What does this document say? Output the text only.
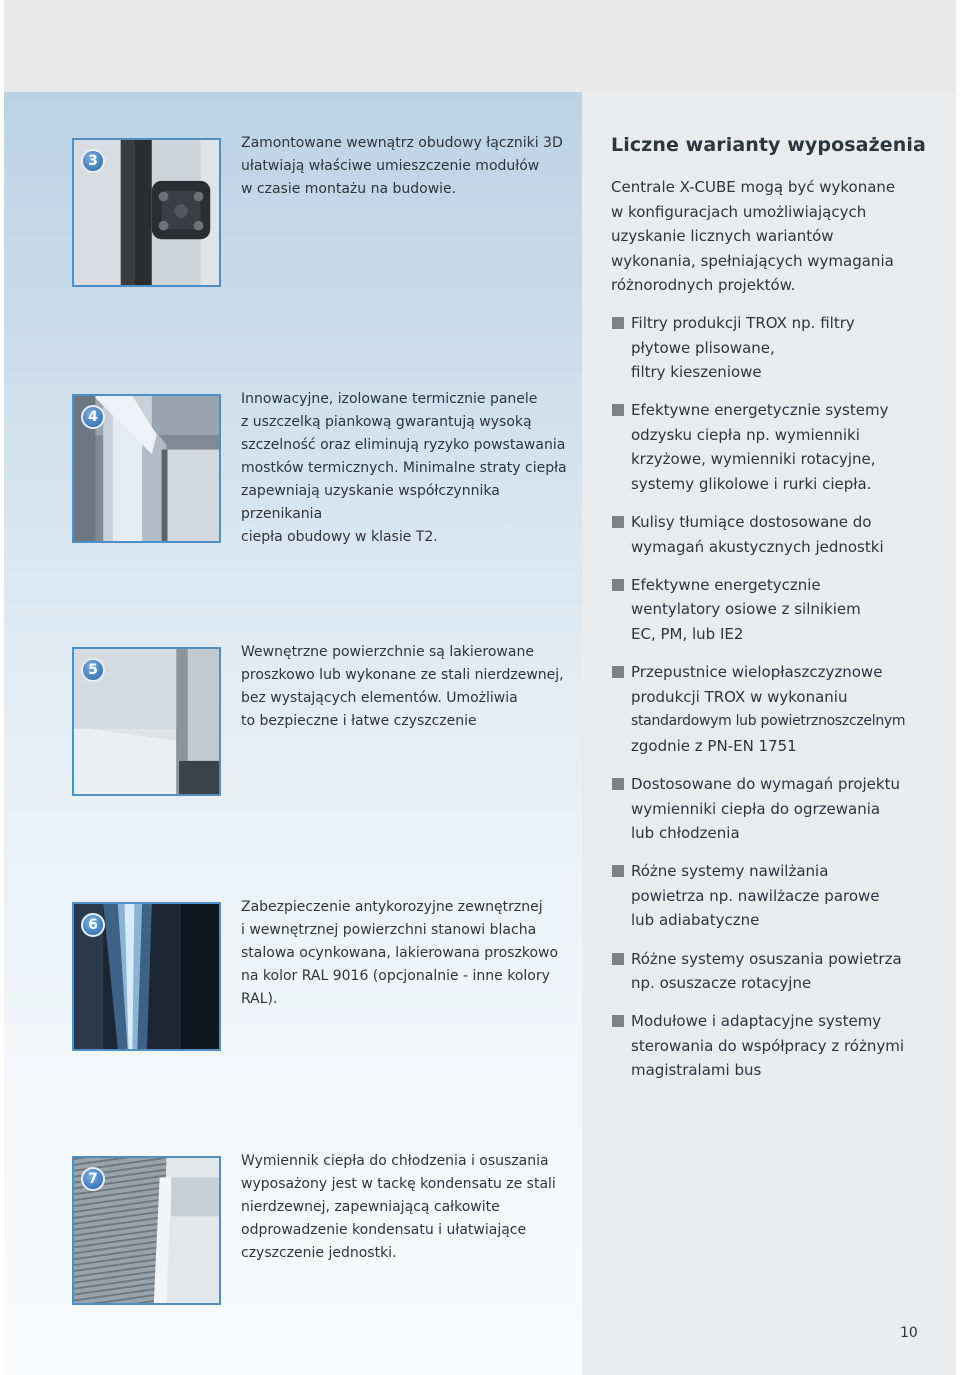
3
Zamontowane wewnątrz obudowy łączniki 3D
ułatwiają właściwe umieszczenie modułów
w czasie montażu na budowie.
4
Innowacyjne, izolowane termicznie panele
z uszczelką piankową gwarantują wysoką
szczelność oraz eliminują ryzyko powstawania
mostków termicznych. Minimalne straty ciepła
zapewniają uzyskanie współczynnika przenikania
ciepła obudowy w klasie T2.
5
Wewnętrzne powierzchnie są lakierowane
proszkowo lub wykonane ze stali nierdzewnej,
bez wystających elementów. Umożliwia
to bezpieczne i łatwe czyszczenie
6
Zabezpieczenie antykorozyjne zewnętrznej
i wewnętrznej powierzchni stanowi blacha
stalowa ocynkowana, lakierowana proszkowo
na kolor RAL 9016 (opcjonalnie - inne kolory
RAL).
7
Wymiennik ciepła do chłodzenia i osuszania
wyposażony jest w tackę kondensatu ze stali
nierdzewnej, zapewniającą całkowite
odprowadzenie kondensatu i ułatwiające
czyszczenie jednostki.
Liczne warianty wyposażenia
Centrale X-CUBE mogą być wykonane
w konfiguracjach umożliwiających
uzyskanie licznych wariantów
wykonania, spełniających wymagania
różnorodnych projektów.
Filtry produkcji TROX np. filtry
płytowe plisowane,
filtry kieszeniowe
Efektywne energetycznie systemy
odzysku ciepła np. wymienniki
krzyżowe, wymienniki rotacyjne,
systemy glikolowe i rurki ciepła.
Kulisy tłumiące dostosowane do
wymagań akustycznych jednostki
Efektywne energetycznie
wentylatory osiowe z silnikiem
EC, PM, lub IE2
Przepustnice wielopłaszczyznowe
produkcji TROX w wykonaniu
standardowym lub powietrznoszczelnym
zgodnie z PN-EN 1751
Dostosowane do wymagań projektu
wymienniki ciepła do ogrzewania
lub chłodzenia
Różne systemy nawilżania
powietrza np. nawilżacze parowe
lub adiabatyczne
Różne systemy osuszania powietrza
np. osuszacze rotacyjne
Modułowe i adaptacyjne systemy
sterowania do współpracy z różnymi
magistralami bus
10
